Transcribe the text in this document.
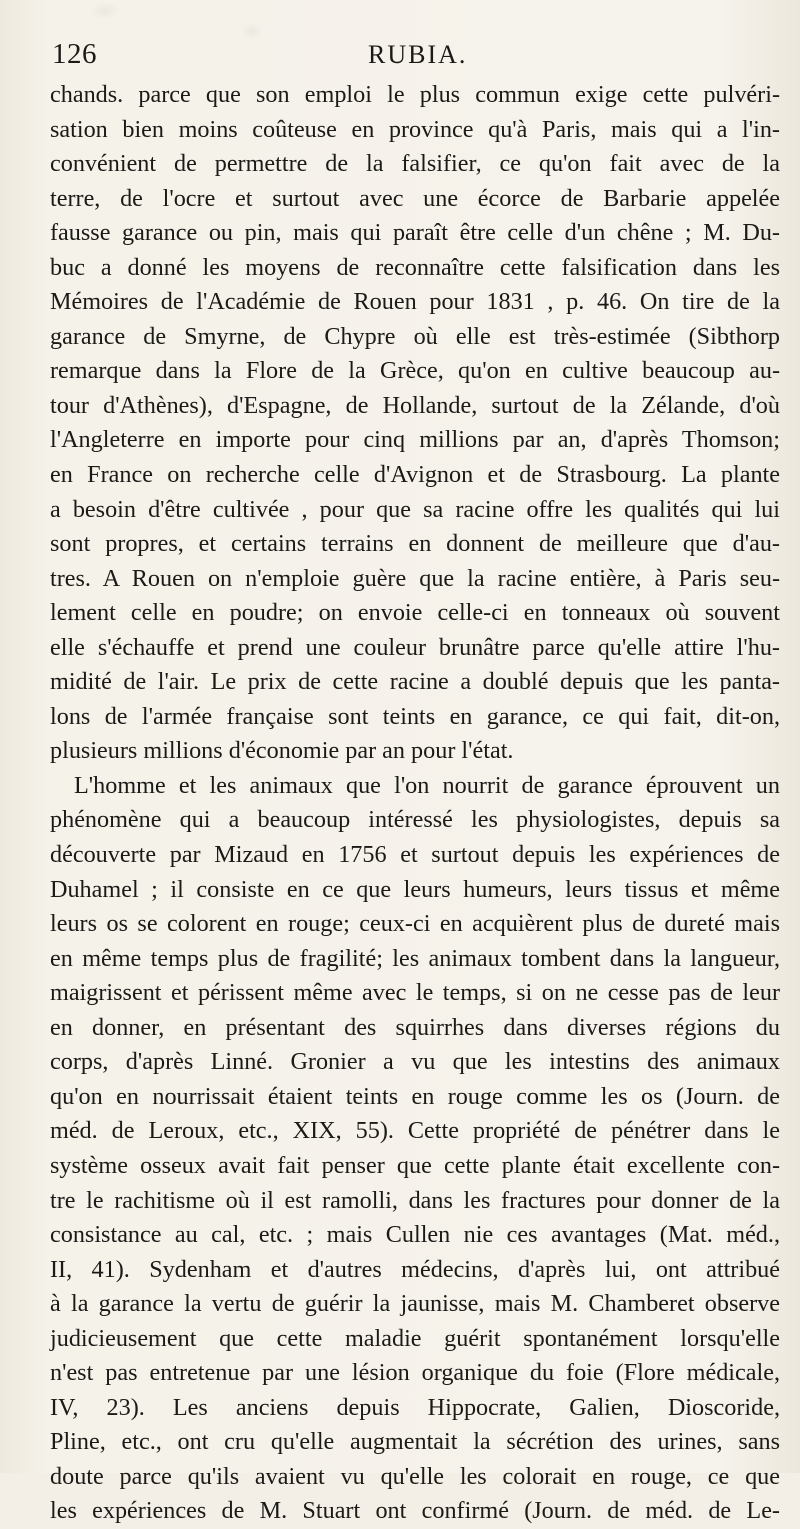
126	RUBIA.
chands. parce que son emploi le plus commun exige cette pulvéri-
sation bien moins coûteuse en province qu'à Paris, mais qui a l'in-
convénient de permettre de la falsifier, ce qu'on fait avec de la
terre, de l'ocre et surtout avec une écorce de Barbarie appelée
fausse garance ou pin, mais qui paraît être celle d'un chêne ; M. Du-
buc a donné les moyens de reconnaître cette falsification dans les
Mémoires de l'Académie de Rouen pour 1831 , p. 46. On tire de la
garance de Smyrne, de Chypre où elle est très-estimée (Sibthorp
remarque dans la Flore de la Grèce, qu'on en cultive beaucoup au-
tour d'Athènes), d'Espagne, de Hollande, surtout de la Zélande, d'où
l'Angleterre en importe pour cinq millions par an, d'après Thomson;
en France on recherche celle d'Avignon et de Strasbourg. La plante
a besoin d'être cultivée , pour que sa racine offre les qualités qui lui
sont propres, et certains terrains en donnent de meilleure que d'au-
tres. A Rouen on n'emploie guère que la racine entière, à Paris seu-
lement celle en poudre; on envoie celle-ci en tonneaux où souvent
elle s'échauffe et prend une couleur brunâtre parce qu'elle attire l'hu-
midité de l'air. Le prix de cette racine a doublé depuis que les panta-
lons de l'armée française sont teints en garance, ce qui fait, dit-on,
plusieurs millions d'économie par an pour l'état.
L'homme et les animaux que l'on nourrit de garance éprouvent un
phénomène qui a beaucoup intéressé les physiologistes, depuis sa
découverte par Mizaud en 1756 et surtout depuis les expériences de
Duhamel ; il consiste en ce que leurs humeurs, leurs tissus et même
leurs os se colorent en rouge; ceux-ci en acquièrent plus de dureté mais
en même temps plus de fragilité; les animaux tombent dans la langueur,
maigrissent et périssent même avec le temps, si on ne cesse pas de leur
en donner, en présentant des squirrhes dans diverses régions du
corps, d'après Linné. Gronier a vu que les intestins des animaux
qu'on en nourrissait étaient teints en rouge comme les os (Journ. de
méd. de Leroux, etc., XIX, 55). Cette propriété de pénétrer dans le
système osseux avait fait penser que cette plante était excellente con-
tre le rachitisme où il est ramolli, dans les fractures pour donner de la
consistance au cal, etc. ; mais Cullen nie ces avantages (Mat. méd.,
II, 41). Sydenham et d'autres médecins, d'après lui, ont attribué
à la garance la vertu de guérir la jaunisse, mais M. Chamberet observe
judicieusement que cette maladie guérit spontanément lorsqu'elle
n'est pas entretenue par une lésion organique du foie (Flore médicale,
IV, 23). Les anciens depuis Hippocrate, Galien, Dioscoride,
Pline, etc., ont cru qu'elle augmentait la sécrétion des urines, sans
doute parce qu'ils avaient vu qu'elle les colorait en rouge, ce que
les expériences de M. Stuart ont confirmé (Journ. de méd. de Le-
